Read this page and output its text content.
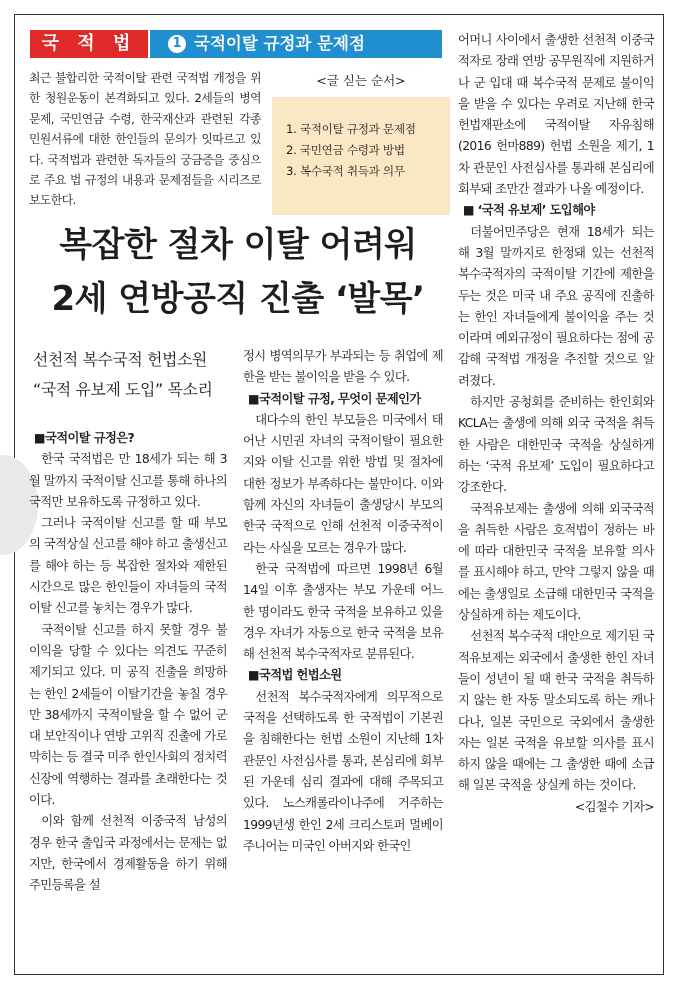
국 적 법	1 국적이탈 규정과 문제점
최근 불합리한 국적이탈 관련 국적법 개정을 위한 청원운동이 본격화되고 있다. 2세들의 병역문제, 국민연금 수령, 한국재산과 관련된 각종 민원서류에 대한 한인들의 문의가 잇따르고 있다. 국적법과 관련한 독자들의 궁금증을 중심으로 주요 법 규정의 내용과 문제점들을 시리즈로 보도한다.
<글 싣는 순서>
1. 국적이탈 규정과 문제점
2. 국민연금 수령과 방법
3. 복수국적 취득과 의무
복잡한 절차 이탈 어려워
2세 연방공직 진출 ‘발목’
선천적 복수국적 헌법소원
“국적 유보제 도입” 목소리

■국적이탈 규정은?

한국 국적법은 만 18세가 되는 해 3월 말까지 국적이탈 신고를 통해 하나의 국적만 보유하도록 규정하고 있다.

그러나 국적이탈 신고를 할 때 부모의 국적상실 신고를 해야 하고 출생신고를 해야 하는 등 복잡한 절차와 제한된 시간으로 많은 한인들이 자녀들의 국적이탈 신고를 놓치는 경우가 많다.

국적이탈 신고를 하지 못할 경우 불이익을 당할 수 있다는 의견도 꾸준히 제기되고 있다. 미 공직 진출을 희망하는 한인 2세들이 이탈기간을 놓칠 경우 만 38세까지 국적이탈을 할 수 없어 군대 보안직이나 연방 고위직 진출에 가로막히는 등 결국 미주 한인사회의 정치력 신장에 역행하는 결과를 초래한다는 것이다.

이와 함께 선천적 이중국적 남성의 경우 한국 출입국 과정에서는 문제는 없지만, 한국에서 경제활동을 하기 위해 주민등록을 설

정시 병역의무가 부과되는 등 취업에 제한을 받는 불이익을 받을 수 있다.

■국적이탈 규정, 무엇이 문제인가

대다수의 한인 부모들은 미국에서 태어난 시민권 자녀의 국적이탈이 필요한지와 이탈 신고를 위한 방법 및 절차에 대한 정보가 부족하다는 불만이다. 이와 함께 자신의 자녀들이 출생당시 부모의 한국 국적으로 인해 선천적 이중국적이라는 사실을 모르는 경우가 많다.

한국 국적법에 따르면 1998년 6월14일 이후 출생자는 부모 가운데 어느 한 명이라도 한국 국적을 보유하고 있을 경우 자녀가 자동으로 한국 국적을 보유해 선천적 복수국적자로 분류된다.

■국적법 헌법소원

선천적 복수국적자에게 의무적으로 국적을 선택하도록 한 국적법이 기본권을 침해한다는 헌법 소원이 지난해 1차 관문인 사전심사를 통과, 본심리에 회부된 가운데 심리 결과에 대해 주목되고 있다. 노스캐롤라이나주에 거주하는 1999년생 한인 2세 크리스토퍼 멀베이 주니어는 미국인 아버지와 한국인

어머니 사이에서 출생한 선천적 이중국적자로 장래 연방 공무원직에 지원하거나 군 입대 때 복수국적 문제로 불이익을 받을 수 있다는 우려로 지난해 한국 헌법재판소에 국적이탈 자유침해(2016 헌마889) 헌법 소원을 제기, 1차 관문인 사전심사를 통과해 본심리에 회부돼 조만간 결과가 나올 예정이다.

■ ‘국적 유보제’ 도입해야

더불어민주당은 현재 18세가 되는 해 3월 말까지로 한정돼 있는 선천적 복수국적자의 국적이탈 기간에 제한을 두는 것은 미국 내 주요 공직에 진출하는 한인 자녀들에게 불이익을 주는 것이라며 예외규정이 필요하다는 점에 공감해 국적법 개정을 추진할 것으로 알려졌다.

하지만 공청회를 준비하는 한인회와 KCLA는 출생에 의해 외국 국적을 취득한 사람은 대한민국 국적을 상실하게 하는 ‘국적 유보제’ 도입이 필요하다고 강조한다.

국적유보제는 출생에 의해 외국국적을 취득한 사람은 호적법이 정하는 바에 따라 대한민국 국적을 보유할 의사를 표시해야 하고, 만약 그렇지 않을 때에는 출생일로 소급해 대한민국 국적을 상실하게 하는 제도이다.

선천적 복수국적 대안으로 제기된 국적유보제는 외국에서 출생한 한인 자녀들이 성년이 될 때 한국 국적을 취득하지 않는 한 자동 말소되도록 하는 캐나다나, 일본 국민으로 국외에서 출생한 자는 일본 국적을 유보할 의사를 표시하지 않을 때에는 그 출생한 때에 소급해 일본 국적을 상실케 하는 것이다.

<김철수 기자>
